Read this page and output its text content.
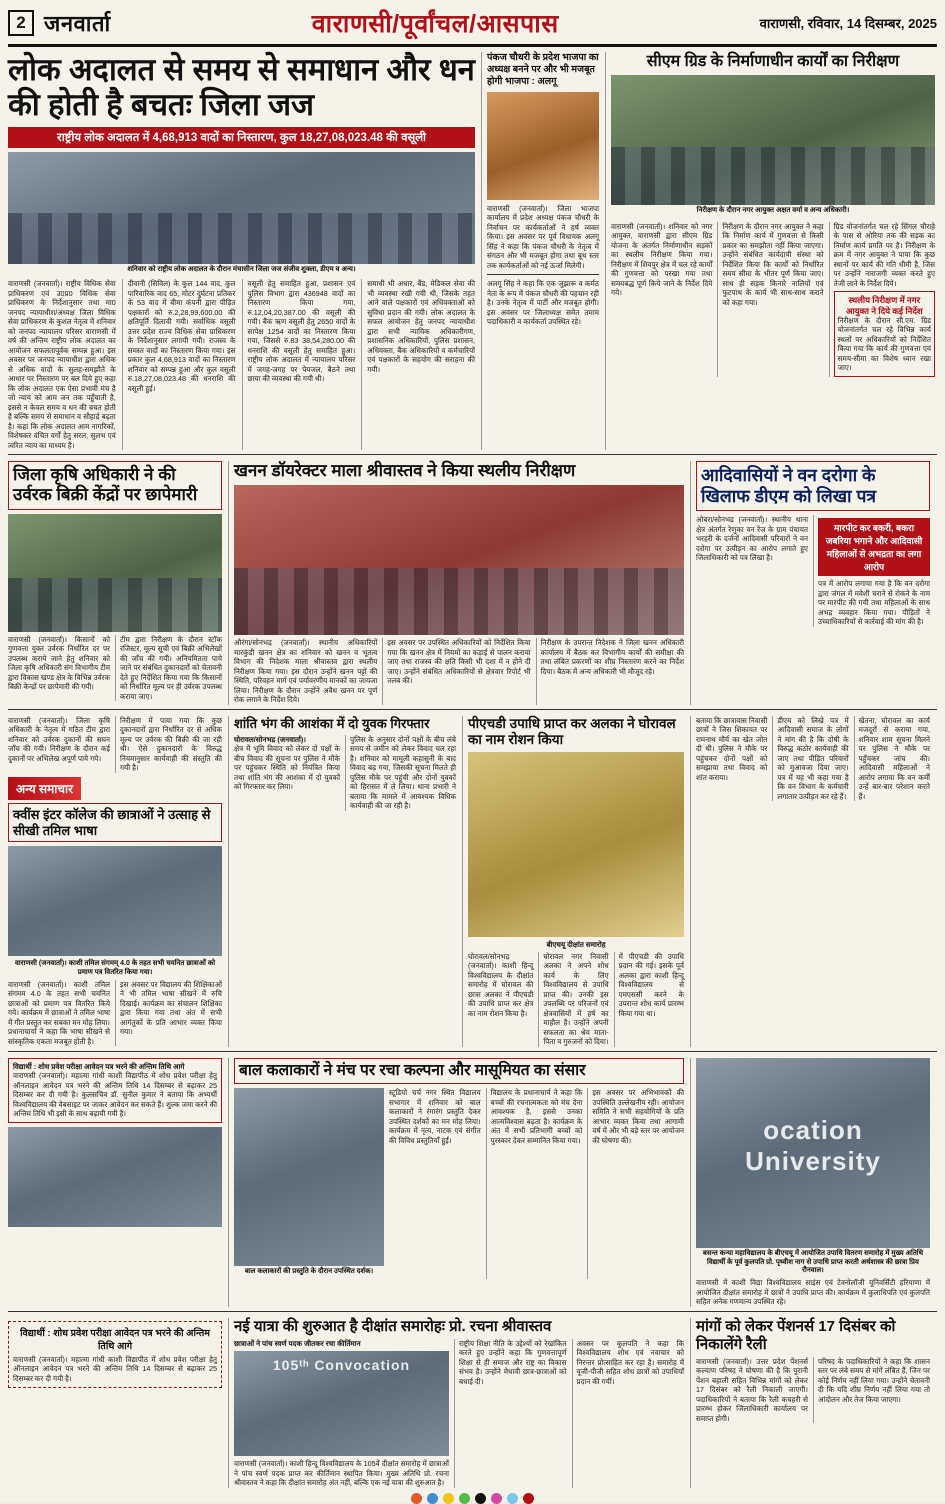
2 जनवार्ता	वाराणसी/पूर्वांचल/आसपास	वाराणसी, रविवार, 14 दिसम्बर, 2025
लोक अदालत से समय से समाधान और धन की होती है बचतः जिला जज
राष्ट्रीय लोक अदालत में 4,68,913 वादों का निस्तारण, कुल 18,27,08,023.48 की वसूली
शनिवार को राष्ट्रीय लोक अदालत के दौरान मंचासीन जिला जज संजीव शुक्ला, डीएम व अन्य।
वाराणसी (जनवार्ता)। राष्ट्रीय विधिक सेवा प्राधिकरण एवं उ0प्र0 विधिक सेवा प्राधिकरण के निर्देशानुसार तथा मा0 जनपद न्यायाधीश/अध्यक्ष जिला विधिक सेवा प्राधिकरण के कुशल नेतृत्व में शनिवार को जनपद न्यायालय परिसर वाराणसी में वर्ष की अन्तिम राष्ट्रीय लोक अदालत का आयोजन सफलतापूर्वक सम्पन्न हुआ। इस अवसर पर जनपद न्यायाधीश द्वारा अधिक से अधिक वादों के सुलह-समझौते के आधार पर निस्तारण पर बल दिये हुए कहा कि लोक अदालत एक ऐसा प्रभावी मंच है जो न्याय को आम जन तक पहुँचाती है, इससे न केवल समय व धन की बचत होती है बल्कि समय से समाधान व सौहार्द्र बढ़ता है। कहा कि लोक अदालत आम नागरिकों, विशेषकर वंचित वर्गों हेतु सरल, सुलभ एवं त्वरित न्याय का माध्यम है।
दीवानी (सिविल) के कुल 144 वाद, कुल पारिवारिक वाद 65, मोटर दुर्घटना प्रतिकर के 53 वाद में बीमा कंपनी द्वारा पीड़ित पक्षकारों को रु.2,28,99,600.00 की क्षतिपूर्ति दिलायी गयी। सर्वाधिक वसूली उत्तर प्रदेश राज्य विधिक सेवा प्राधिकरण के निर्देशानुसार लगायी गयी। राजस्व के समस्त वादों का निस्तारण किया गया। इस प्रकार कुल 4,68,913 वादों का निस्तारण शनिवार को सम्पन्न हुआ और कुल वसूली रु.18,27,08,023.48 की धनराशि की वसूली हुई।
वसूली हेतु समाहित हुआ, प्रशासन एवं पुलिस विभाग द्वारा 436948 वादों का निस्तारण किया गया, रु.12,04,20,387.00 की वसूली की गयी। बैंक ऋण वसूली हेतु 2650 वादों के सापेक्ष 1254 वादों का निस्तारण किया गया, जिससे रु.83 38,54,280.00 की धनराशि की वसूली हेतु समाहित हुआ। राष्ट्रीय लोक अदालत में न्यायालय परिसर में जगह-जगह पर पेयजल, बैठने तथा छाया की व्यवस्था की गयी थी।
समाधी भी अधार, बैंड, मेडिकल सेवा की भी व्यवस्था रखी गयी थी, जिसके तहत आने वाले पक्षकारों एवं अधिवक्ताओं को सुविधा प्रदान की गयी। लोक अदालत के सफल आयोजन हेतु जनपद न्यायाधीश द्वारा सभी न्यायिक अधिकारीगण, प्रशासनिक अधिकारियों, पुलिस प्रशासन, अधिवक्ता, बैंक अधिकारियों व कर्मचारियों एवं पक्षकारों के सहयोग की सराहना की गयी।
पंकज चौधरी के प्रदेश भाजपा का अध्यक्ष बनने पर और भी मजबूत होगी भाजपा : अलगू
वाराणसी (जनवार्ता)। जिला भाजपा कार्यालय में प्रदेश अध्यक्ष पंकज चौधरी के निर्वाचन पर कार्यकर्ताओं ने हर्ष व्यक्त किया। इस अवसर पर पूर्व विधायक अलगू सिंह ने कहा कि पंकज चौधरी के नेतृत्व में संगठन और भी मजबूत होगा तथा बूथ स्तर तक कार्यकर्ताओं को नई ऊर्जा मिलेगी।
अलगू सिंह ने कहा कि एक जुझारू व कर्मठ नेता के रूप में पंकज चौधरी की पहचान रही है। उनके नेतृत्व में पार्टी और मजबूत होगी। इस अवसर पर जिलाध्यक्ष समेत तमाम पदाधिकारी व कार्यकर्ता उपस्थित रहे।
सीएम ग्रिड के निर्माणाधीन कार्यों का निरीक्षण
निरीक्षण के दौरान नगर आयुक्त अक्षत वर्मा व अन्य अधिकारी।
वाराणसी (जनवार्ता)। शनिवार को नगर आयुक्त, वाराणसी द्वारा सीएम ग्रिड योजना के अंतर्गत निर्माणाधीन सड़कों का स्थलीय निरीक्षण किया गया। निरीक्षण में शिवपुर क्षेत्र में चल रहे कार्यों की गुणवत्ता को परखा गया तथा समयबद्ध पूर्ण किये जाने के निर्देश दिये गये।
निरीक्षण के दौरान नगर आयुक्त ने कहा कि निर्माण कार्य में गुणवत्ता से किसी प्रकार का समझौता नहीं किया जाएगा। उन्होंने संबंधित कार्यदायी संस्था को निर्देशित किया कि कार्यों को निर्धारित समय सीमा के भीतर पूर्ण किया जाए। साथ ही सड़क किनारे नालियों एवं फुटपाथ के कार्य भी साथ-साथ कराने को कहा गया।
ग्रिड योजनांतर्गत चल रहे सिंगल चौराहे के पास से ओरिया तक की सड़क का निर्माण कार्य प्रगति पर है। निरीक्षण के क्रम में नगर आयुक्त ने पाया कि कुछ स्थानों पर कार्य की गति धीमी है, जिस पर उन्होंने नाराजगी व्यक्त करते हुए तेजी लाने के निर्देश दिये।
स्थलीय निरीक्षण में नगर आयुक्त ने दिये कई निर्देश
निरीक्षण के दौरान सी.एम. ग्रिड योजनांतर्गत चल रहे विभिन्न कार्य स्थलों पर अधिकारियों को निर्देशित किया गया कि कार्य की गुणवत्ता एवं समय-सीमा का विशेष ध्यान रखा जाए।
जिला कृषि अधिकारी ने की उर्वरक बिक्री केंद्रों पर छापेमारी
वाराणसी (जनवार्ता)। किसानों को गुणवत्ता युक्त उर्वरक निर्धारित दर पर उपलब्ध कराये जाने हेतु शनिवार को जिला कृषि अधिकारी संग विभागीय टीम द्वारा विकास खण्ड क्षेत्र के विभिन्न उर्वरक बिक्री केन्द्रों पर छापेमारी की गयी।
टीम द्वारा निरीक्षण के दौरान स्टॉक रजिस्टर, मूल्य सूची एवं बिक्री अभिलेखों की जाँच की गयी। अनियमितता पाये जाने पर संबंधित दुकानदारों को चेतावनी देते हुए निर्देशित किया गया कि किसानों को निर्धारित मूल्य पर ही उर्वरक उपलब्ध कराया जाए।
खनन डॉयरेक्टर माला श्रीवास्तव ने किया स्थलीय निरीक्षण
औरंगा/सोनभद्र (जनवार्ता)। स्थानीय अधिकारियों मारकुंडी खनन क्षेत्र का शनिवार को खनन व भूतत्व विभाग की निदेशक माला श्रीवास्तव द्वारा स्थलीय निरीक्षण किया गया। इस दौरान उन्होंने खनन पट्टों की स्थिति, परिवहन मार्ग एवं पर्यावरणीय मानकों का जायजा लिया। निरीक्षण के दौरान उन्होंने अवैध खनन पर पूर्ण रोक लगाने के निर्देश दिये।
इस अवसर पर उपस्थित अधिकारियों को निर्देशित किया गया कि खनन क्षेत्र में नियमों का कड़ाई से पालन कराया जाए तथा राजस्व की क्षति किसी भी दशा में न होने दी जाए। उन्होंने संबंधित अधिकारियों से क्षेत्रवार रिपोर्ट भी तलब की।
निरीक्षण के उपरान्त निदेशक ने जिला खनन अधिकारी कार्यालय में बैठक कर विभागीय कार्यों की समीक्षा की तथा लंबित प्रकरणों का शीघ्र निस्तारण करने का निर्देश दिया। बैठक में अन्य अधिकारी भी मौजूद रहे।
आदिवासियों ने वन दरोगा के खिलाफ डीएम को लिखा पत्र
ओबरा/सोनभद्र (जनवार्ता)। स्थानीय थाना क्षेत्र अंतर्गत रेणुका वन रेंज के ग्राम पंचायत भरहरी के दर्जनों आदिवासी परिवारों ने वन दरोगा पर उत्पीड़न का आरोप लगाते हुए जिलाधिकारी को पत्र लिखा है।
मारपीट कर बकरी, बकरा जबरिया भगाने और आदिवासी महिलाओं से अभद्रता का लगा आरोप
पत्र में आरोप लगाया गया है कि वन दरोगा द्वारा जंगल में मवेशी चराने से रोकने के नाम पर मारपीट की गयी तथा महिलाओं के साथ अभद्र व्यवहार किया गया। पीड़ितों ने उच्चाधिकारियों से कार्रवाई की मांग की है।
वाराणसी (जनवार्ता)। जिला कृषि अधिकारी के नेतृत्व में गठित टीम द्वारा शनिवार को उर्वरक दुकानों की सघन जाँच की गयी। निरीक्षण के दौरान कई दुकानों पर अभिलेख अपूर्ण पाये गये।
निरीक्षण में पाया गया कि कुछ दुकानदारों द्वारा निर्धारित दर से अधिक मूल्य पर उर्वरक की बिक्री की जा रही थी। ऐसे दुकानदारों के विरुद्ध नियमानुसार कार्यवाही की संस्तुति की गयी है।
अन्य समाचार
क्वींस इंटर कॉलेज की छात्राओं ने उत्साह से सीखी तमिल भाषा
वाराणसी (जनवार्ता)। काशी तमिल संगमम् 4.0 के तहत सभी चयनित छात्राओं को प्रमाण पत्र वितरित किया गया।
वाराणसी (जनवार्ता)। काशी तमिल संगमम 4.0 के तहत सभी चयनित छात्राओं को प्रमाण पत्र वितरित किये गये। कार्यक्रम में छात्राओं ने तमिल भाषा में गीत प्रस्तुत कर सबका मन मोह लिया। प्रधानाचार्या ने कहा कि भाषा सीखने से सांस्कृतिक एकता मजबूत होती है।
इस अवसर पर विद्यालय की शिक्षिकाओं ने भी तमिल भाषा सीखने में रुचि दिखाई। कार्यक्रम का संचालन शिक्षिका द्वारा किया गया तथा अंत में सभी आगंतुकों के प्रति आभार व्यक्त किया गया।
शांति भंग की आशंका में दो युवक गिरफ्तार
घोरावल/सोनभद्र (जनवार्ता)।
क्षेत्र में भूमि विवाद को लेकर दो पक्षों के बीच विवाद की सूचना पर पुलिस ने मौके पर पहुंचकर स्थिति को नियंत्रित किया तथा शांति भंग की आशंका में दो युवकों को गिरफ्तार कर लिया।
पुलिस के अनुसार दोनों पक्षों के बीच लंबे समय से जमीन को लेकर विवाद चल रहा है। शनिवार को मामूली कहासुनी के बाद विवाद बढ़ गया, जिसकी सूचना मिलते ही पुलिस मौके पर पहुंची और दोनों युवकों को हिरासत में ले लिया। थाना प्रभारी ने बताया कि मामले में आवश्यक विधिक कार्यवाही की जा रही है।
पीएचडी उपाधि प्राप्त कर अलका ने घोरावल का नाम रोशन किया
बीएचयू दीक्षांत समारोह
घोरावल/सोनभद्र (जनवार्ता)। काशी हिन्दू विश्वविद्यालय के दीक्षांत समारोह में घोरावल की छात्रा अलका ने पीएचडी की उपाधि प्राप्त कर क्षेत्र का नाम रोशन किया है।
घोरावल नगर निवासी अलका ने अपने शोध कार्य के लिए विश्वविद्यालय से उपाधि प्राप्त की। उनकी इस उपलब्धि पर परिजनों एवं क्षेत्रवासियों में हर्ष का माहौल है। उन्होंने अपनी सफलता का श्रेय माता-पिता व गुरुजनों को दिया।
में पीएचडी की उपाधि प्रदान की गई। इसके पूर्व अलका द्वारा काशी हिन्दू विश्वविद्यालय से एमएससी करने के उपरान्त शोध कार्य प्रारम्भ किया गया था।
बताया कि छात्रावास निवासी छात्रों ने जिस शिकायत पर रामनाथ मौर्य का खेत जोत दी थी। पुलिस ने मौके पर पहुंचकर दोनों पक्षों को समझाया तथा विवाद को शांत कराया।
डीएम को लिखे पत्र में आदिवासी समाज के लोगों ने मांग की है कि दोषी के विरुद्ध कठोर कार्यवाही की जाए तथा पीड़ित परिवारों को मुआवजा दिया जाए। पत्र में यह भी कहा गया है कि वन विभाग के कर्मचारी लगातार उत्पीड़न कर रहे हैं।
खेतना, घोरावल का कार्य मजदूरों से कराया गया, शनिवार शाम सूचना मिलने पर पुलिस ने मौके पर पहुँचकर जांच की। आदिवासी महिलाओं ने आरोप लगाया कि वन कर्मी उन्हें बार-बार परेशान करते हैं।
विद्यार्थी : शोध प्रवेश परीक्षा आवेदन पत्र भरने की अन्तिम तिथि आगे
वाराणसी (जनवार्ता)। महात्मा गांधी काशी विद्यापीठ में शोध प्रवेश परीक्षा हेतु ऑनलाइन आवेदन पत्र भरने की अन्तिम तिथि 14 दिसम्बर से बढ़ाकर 25 दिसम्बर कर दी गयी है। कुलसचिव डॉ. सुनील कुमार ने बताया कि अभ्यर्थी विश्वविद्यालय की वेबसाइट पर जाकर आवेदन कर सकते हैं। शुल्क जमा करने की अन्तिम तिथि भी इसी के साथ बढ़ायी गयी है।
बाल कलाकारों ने मंच पर रचा कल्पना और मासूमियत का संसार
बाल कलाकारों की प्रस्तुति के दौरान उपस्थित दर्शक।
स्टूडियो चर्च नगर स्थित विद्यालय सभागार में शनिवार को बाल कलाकारों ने रंगारंग प्रस्तुति देकर उपस्थित दर्शकों का मन मोह लिया। कार्यक्रम में नृत्य, नाटक एवं संगीत की विविध प्रस्तुतियाँ हुईं।
विद्यालय के प्रधानाचार्य ने कहा कि बच्चों की रचनात्मकता को मंच देना आवश्यक है, इससे उनका आत्मविश्वास बढ़ता है। कार्यक्रम के अंत में सभी प्रतिभागी बच्चों को पुरस्कार देकर सम्मानित किया गया।
इस अवसर पर अभिभावकों की उपस्थिति उल्लेखनीय रही। आयोजन समिति ने सभी सहयोगियों के प्रति आभार व्यक्त किया तथा आगामी वर्ष में और भी बड़े स्तर पर आयोजन की घोषणा की।	ocation University
बसन्त कन्या महाविद्यालय के बीएचयू में आयोजित उपाधि वितरण समारोह में मुख्य अतिथि विद्यार्थी के पूर्व कुलपति प्रो. पृथ्वीश नाग से उपाधि प्राप्त करती अर्थशास्त्र की छात्रा प्रिय रौनवाल।
वाराणसी में काशी विद्या विश्वविद्यालय साइंस एवं टेक्नोलॉजी यूनिवर्सिटी हरियाणा में आयोजित दीक्षांत समारोह में छात्रों ने उपाधि प्राप्त की। कार्यक्रम में कुलाधिपति एवं कुलपति सहित अनेक गणमान्य उपस्थित रहे।
विद्यार्थी : शोध प्रवेश परीक्षा आवेदन पत्र भरने की अन्तिम तिथि आगे
वाराणसी (जनवार्ता)। महात्मा गांधी काशी विद्यापीठ में शोध प्रवेश परीक्षा हेतु ऑनलाइन आवेदन पत्र भरने की अन्तिम तिथि 14 दिसम्बर से बढ़ाकर 25 दिसम्बर कर दी गयी है।
नई यात्रा की शुरुआत है दीक्षांत समारोहः प्रो. रचना श्रीवास्तव
छात्राओं ने पांच स्वर्ण पदक जीतकर रचा कीर्तिमान
105ᵗʰ Convocation
वाराणसी (जनवार्ता)। काशी हिन्दू विश्वविद्यालय के 105वें दीक्षांत समारोह में छात्राओं ने पांच स्वर्ण पदक प्राप्त कर कीर्तिमान स्थापित किया। मुख्य अतिथि प्रो. रचना श्रीवास्तव ने कहा कि दीक्षांत समारोह अंत नहीं, बल्कि एक नई यात्रा की शुरुआत है।
राष्ट्रीय शिक्षा नीति के उद्देश्यों को रेखांकित करते हुए उन्होंने कहा कि गुणवत्तापूर्ण शिक्षा से ही समाज और राष्ट्र का विकास संभव है। उन्होंने मेधावी छात्र-छात्राओं को बधाई दी।
अवसर पर कुलपति ने कहा कि विश्वविद्यालय शोध एवं नवाचार को निरन्तर प्रोत्साहित कर रहा है। समारोह में यूजी-पीजी सहित शोध छात्रों को उपाधियाँ प्रदान की गयीं।
मांगों को लेकर पेंशनर्स 17 दिसंबर को निकालेंगे रैली
वाराणसी (जनवार्ता)। उत्तर प्रदेश पेंशनर्स कल्याण परिषद ने घोषणा की है कि पुरानी पेंशन बहाली सहित विभिन्न मांगों को लेकर 17 दिसंबर को रैली निकाली जाएगी। पदाधिकारियों ने बताया कि रैली कचहरी से प्रारम्भ होकर जिलाधिकारी कार्यालय पर समाप्त होगी।
परिषद के पदाधिकारियों ने कहा कि शासन स्तर पर लंबे समय से मांगें लंबित हैं, जिन पर कोई निर्णय नहीं लिया गया। उन्होंने चेतावनी दी कि यदि शीघ्र निर्णय नहीं लिया गया तो आंदोलन और तेज किया जाएगा।
